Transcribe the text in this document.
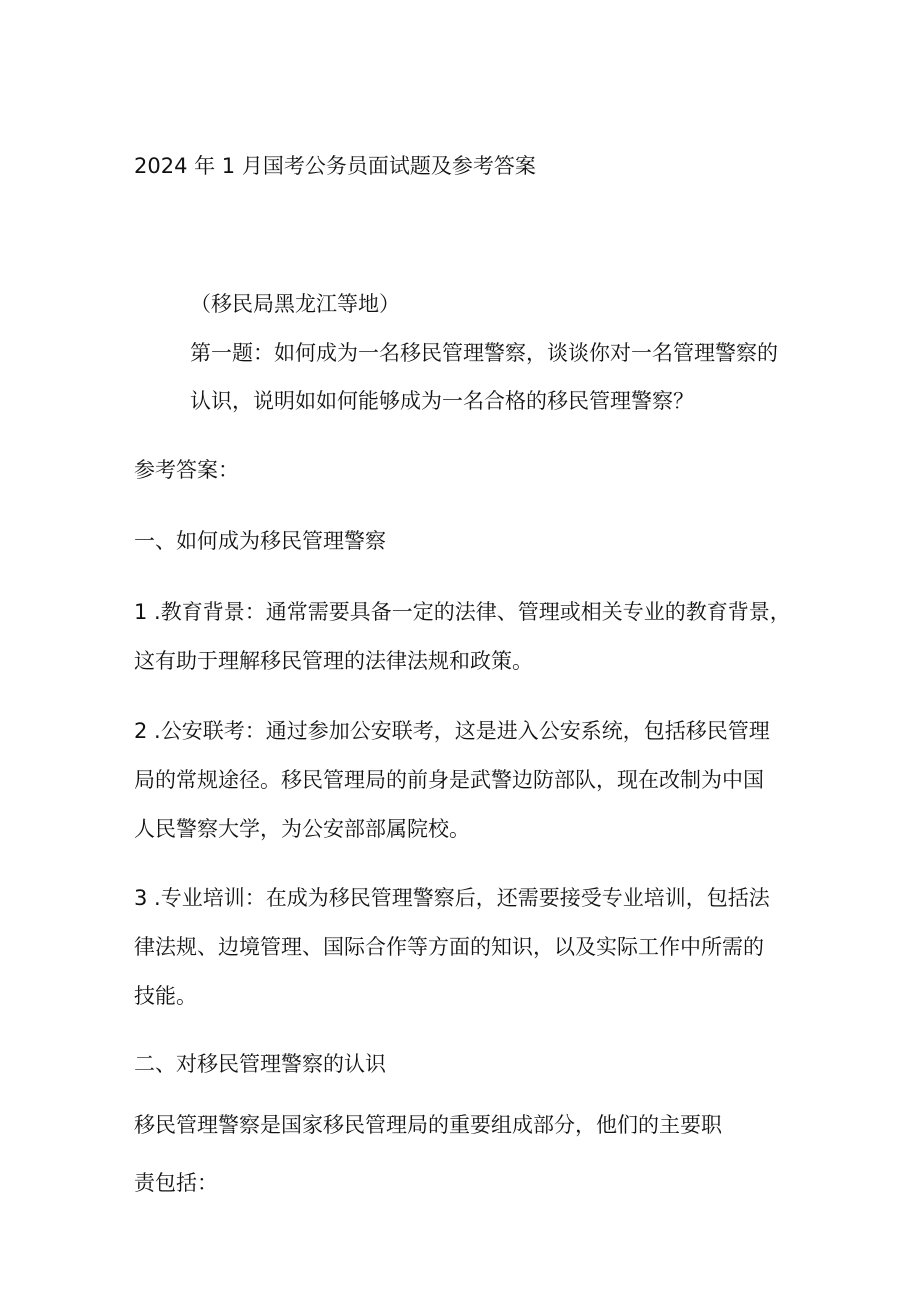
2024 年 1 月国考公务员面试题及参考答案
（移民局黑龙江等地）
第一题：如何成为一名移民管理警察，谈谈你对一名管理警察的
认识，说明如如何能够成为一名合格的移民管理警察？
参考答案：
一、如何成为移民管理警察
1 .教育背景：通常需要具备一定的法律、管理或相关专业的教育背景，
这有助于理解移民管理的法律法规和政策。
2 .公安联考：通过参加公安联考，这是进入公安系统，包括移民管理
局的常规途径。移民管理局的前身是武警边防部队，现在改制为中国
人民警察大学，为公安部部属院校。
3 .专业培训：在成为移民管理警察后，还需要接受专业培训，包括法
律法规、边境管理、国际合作等方面的知识，以及实际工作中所需的
技能。
二、对移民管理警察的认识
移民管理警察是国家移民管理局的重要组成部分，他们的主要职
责包括：
